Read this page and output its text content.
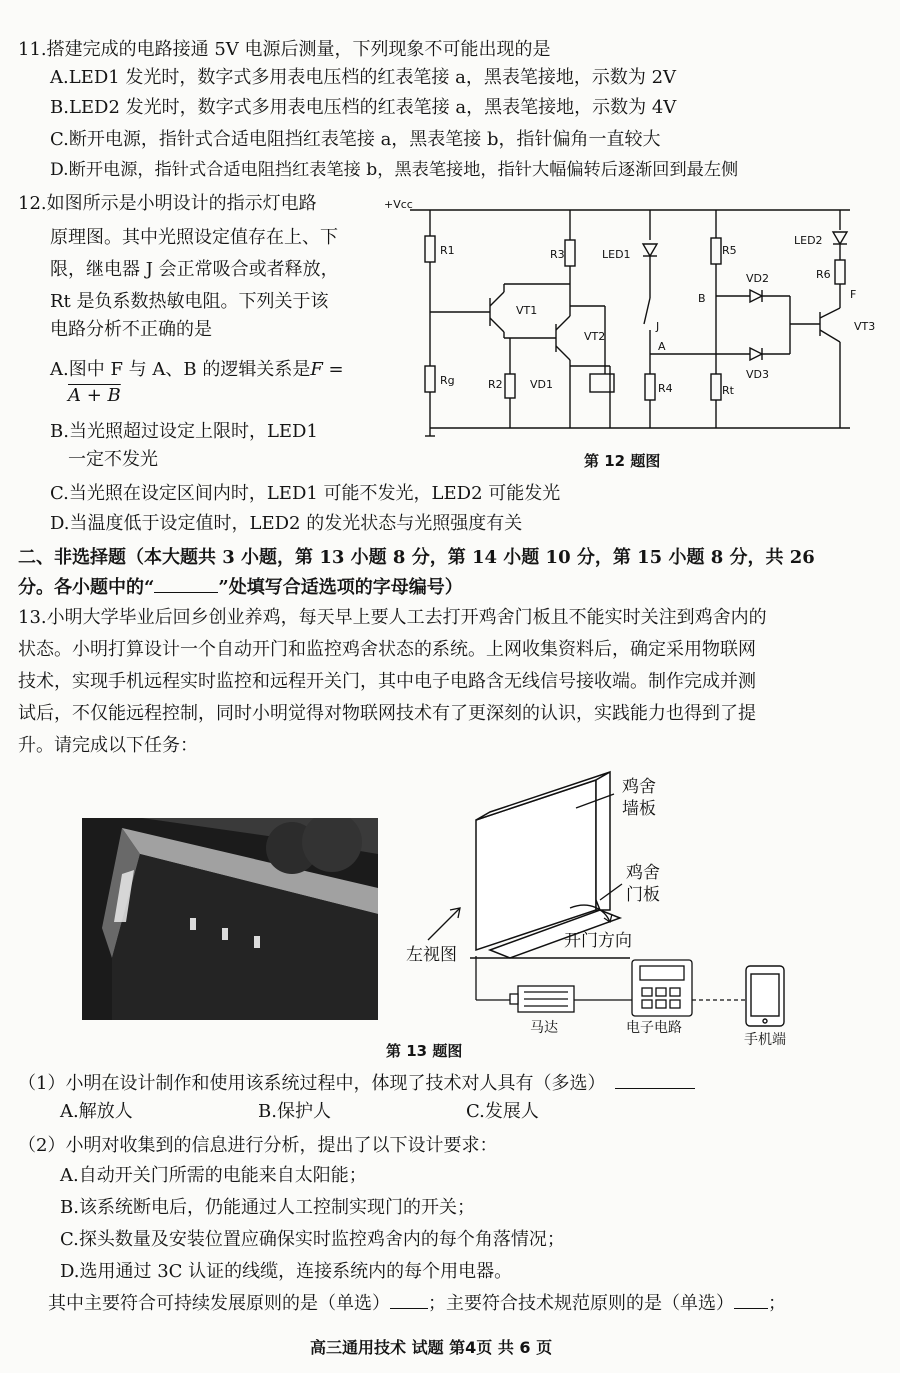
11.搭建完成的电路接通 5V 电源后测量，下列现象不可能出现的是
A.LED1 发光时，数字式多用表电压档的红表笔接 a，黑表笔接地，示数为 2V
B.LED2 发光时，数字式多用表电压档的红表笔接 a，黑表笔接地，示数为 4V
C.断开电源，指针式合适电阻挡红表笔接 a，黑表笔接 b，指针偏角一直较大
D.断开电源，指针式合适电阻挡红表笔接 b，黑表笔接地，指针大幅偏转后逐渐回到最左侧
12.如图所示是小明设计的指示灯电路
原理图。其中光照设定值存在上、下
限，继电器 J 会正常吸合或者释放，
Rt 是负系数热敏电阻。下列关于该
电路分析不正确的是
A.图中 F 与 A、B 的逻辑关系是F =
A + B
B.当光照超过设定上限时，LED1
一定不发光
C.当光照在设定区间内时，LED1 可能不发光，LED2 可能发光
D.当温度低于设定值时，LED2 的发光状态与光照强度有关
+Vcc
R1
Rg	R2 VD1
VT1
VT2
R3	LED1
J
A
R4
R5
B
Rt
VD2
VD3
LED2
R6
F
VT3
第 12 题图
二、非选择题（本大题共 3 小题，第 13 小题 8 分，第 14 小题 10 分，第 15 小题 8 分，共 26
分。各小题中的“	”处填写合适选项的字母编号）
13.小明大学毕业后回乡创业养鸡，每天早上要人工去打开鸡舍门板且不能实时关注到鸡舍内的
状态。小明打算设计一个自动开门和监控鸡舍状态的系统。上网收集资料后，确定采用物联网
技术，实现手机远程实时监控和远程开关门，其中电子电路含无线信号接收端。制作完成并测
试后，不仅能远程控制，同时小明觉得对物联网技术有了更深刻的认识，实践能力也得到了提
升。请完成以下任务：
鸡舍
墙板
鸡舍
门板
开门方向
左视图
马达	电子电路
手机端
第 13 题图
（1）小明在设计制作和使用该系统过程中，体现了技术对人具有（多选）
A.解放人	B.保护人	C.发展人
（2）小明对收集到的信息进行分析，提出了以下设计要求：
A.自动开关门所需的电能来自太阳能；
B.该系统断电后，仍能通过人工控制实现门的开关；
C.探头数量及安装位置应确保实时监控鸡舍内的每个角落情况；
D.选用通过 3C 认证的线缆，连接系统内的每个用电器。
其中主要符合可持续发展原则的是（单选） ；主要符合技术规范原则的是（单选） ；
高三通用技术 试题 第4页 共 6 页
